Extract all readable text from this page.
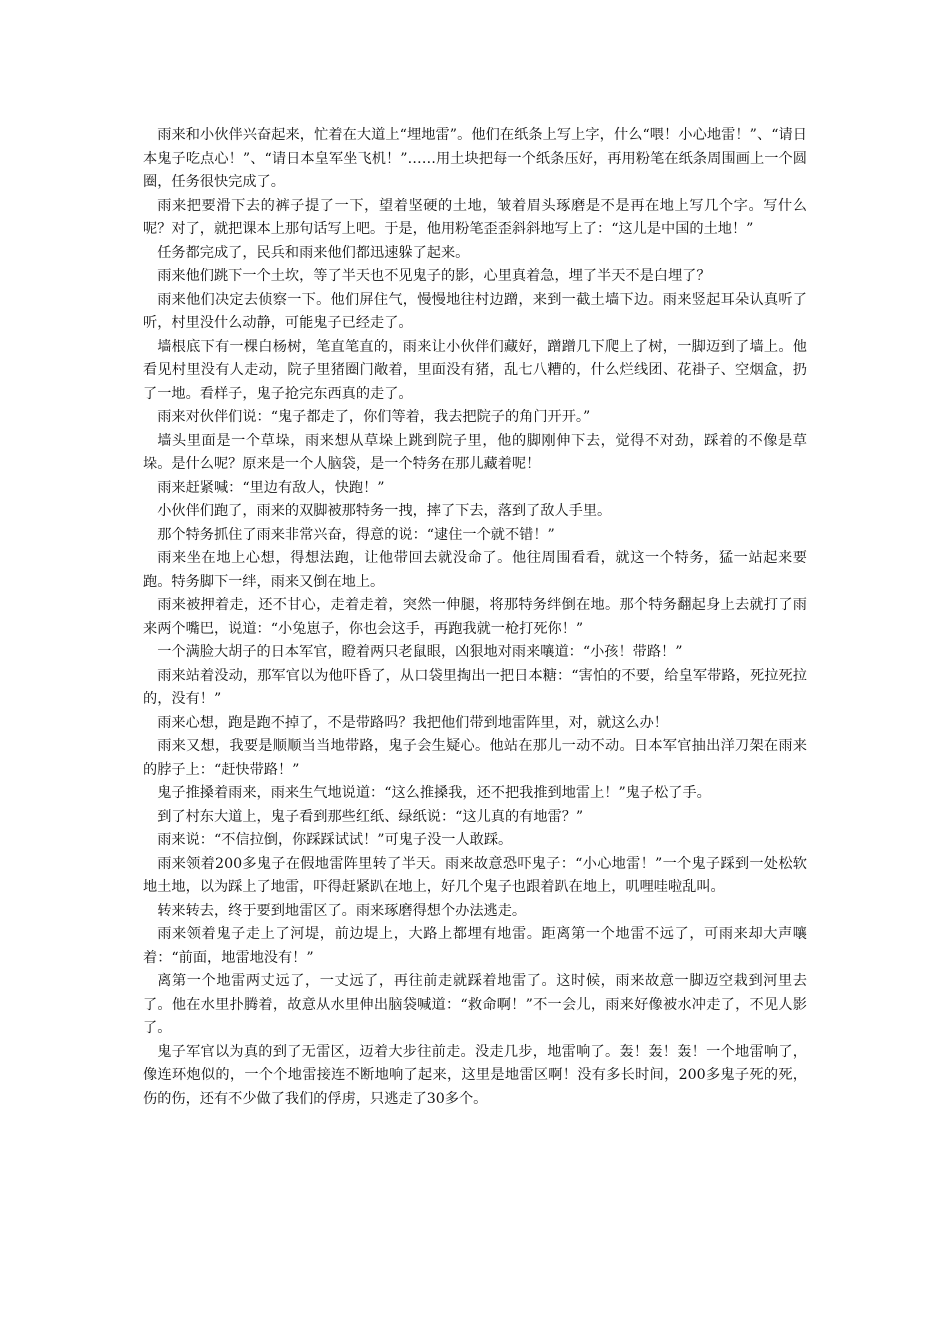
雨来和小伙伴兴奋起来，忙着在大道上“埋地雷”。他们在纸条上写上字，什么“喂！小心地雷！”、“请日本鬼子吃点心！”、“请日本皇军坐飞机！”……用土块把每一个纸条压好，再用粉笔在纸条周围画上一个圆圈，任务很快完成了。

雨来把要滑下去的裤子提了一下，望着坚硬的土地，皱着眉头琢磨是不是再在地上写几个字。写什么呢？对了，就把课本上那句话写上吧。于是，他用粉笔歪歪斜斜地写上了：“这儿是中国的土地！”

任务都完成了，民兵和雨来他们都迅速躲了起来。

雨来他们跳下一个土坎，等了半天也不见鬼子的影，心里真着急，埋了半天不是白埋了？

雨来他们决定去侦察一下。他们屏住气，慢慢地往村边蹭，来到一截土墙下边。雨来竖起耳朵认真听了听，村里没什么动静，可能鬼子已经走了。

墙根底下有一棵白杨树，笔直笔直的，雨来让小伙伴们藏好，蹭蹭几下爬上了树，一脚迈到了墙上。他看见村里没有人走动，院子里猪圈门敞着，里面没有猪，乱七八糟的，什么烂线团、花褂子、空烟盒，扔了一地。看样子，鬼子抢完东西真的走了。

雨来对伙伴们说：“鬼子都走了，你们等着，我去把院子的角门开开。”

墙头里面是一个草垛，雨来想从草垛上跳到院子里，他的脚刚伸下去，觉得不对劲，踩着的不像是草垛。是什么呢？原来是一个人脑袋，是一个特务在那儿藏着呢！

雨来赶紧喊：“里边有敌人，快跑！”

小伙伴们跑了，雨来的双脚被那特务一拽，摔了下去，落到了敌人手里。

那个特务抓住了雨来非常兴奋，得意的说：“逮住一个就不错！”

雨来坐在地上心想，得想法跑，让他带回去就没命了。他往周围看看，就这一个特务，猛一站起来要跑。特务脚下一绊，雨来又倒在地上。

雨来被押着走，还不甘心，走着走着，突然一伸腿，将那特务绊倒在地。那个特务翻起身上去就打了雨来两个嘴巴，说道：“小兔崽子，你也会这手，再跑我就一枪打死你！”

一个满脸大胡子的日本军官，瞪着两只老鼠眼，凶狠地对雨来嚷道：“小孩！带路！”

雨来站着没动，那军官以为他吓昏了，从口袋里掏出一把日本糖：“害怕的不要，给皇军带路，死拉死拉的，没有！”

雨来心想，跑是跑不掉了，不是带路吗？我把他们带到地雷阵里，对，就这么办！

雨来又想，我要是顺顺当当地带路，鬼子会生疑心。他站在那儿一动不动。日本军官抽出洋刀架在雨来的脖子上：“赶快带路！”

鬼子推搡着雨来，雨来生气地说道：“这么推搡我，还不把我推到地雷上！”鬼子松了手。

到了村东大道上，鬼子看到那些红纸、绿纸说：“这儿真的有地雷？”

雨来说：“不信拉倒，你踩踩试试！”可鬼子没一人敢踩。

雨来领着200多鬼子在假地雷阵里转了半天。雨来故意恐吓鬼子：“小心地雷！”一个鬼子踩到一处松软地土地，以为踩上了地雷，吓得赶紧趴在地上，好几个鬼子也跟着趴在地上，叽哩哇啦乱叫。

转来转去，终于要到地雷区了。雨来琢磨得想个办法逃走。

雨来领着鬼子走上了河堤，前边堤上，大路上都埋有地雷。距离第一个地雷不远了，可雨来却大声嚷着：“前面，地雷地没有！”

离第一个地雷两丈远了，一丈远了，再往前走就踩着地雷了。这时候，雨来故意一脚迈空栽到河里去了。他在水里扑腾着，故意从水里伸出脑袋喊道：“救命啊！”不一会儿，雨来好像被水冲走了，不见人影了。

鬼子军官以为真的到了无雷区，迈着大步往前走。没走几步，地雷响了。轰！轰！轰！一个地雷响了，像连环炮似的，一个个地雷接连不断地响了起来，这里是地雷区啊！没有多长时间，200多鬼子死的死，伤的伤，还有不少做了我们的俘虏，只逃走了30多个。
